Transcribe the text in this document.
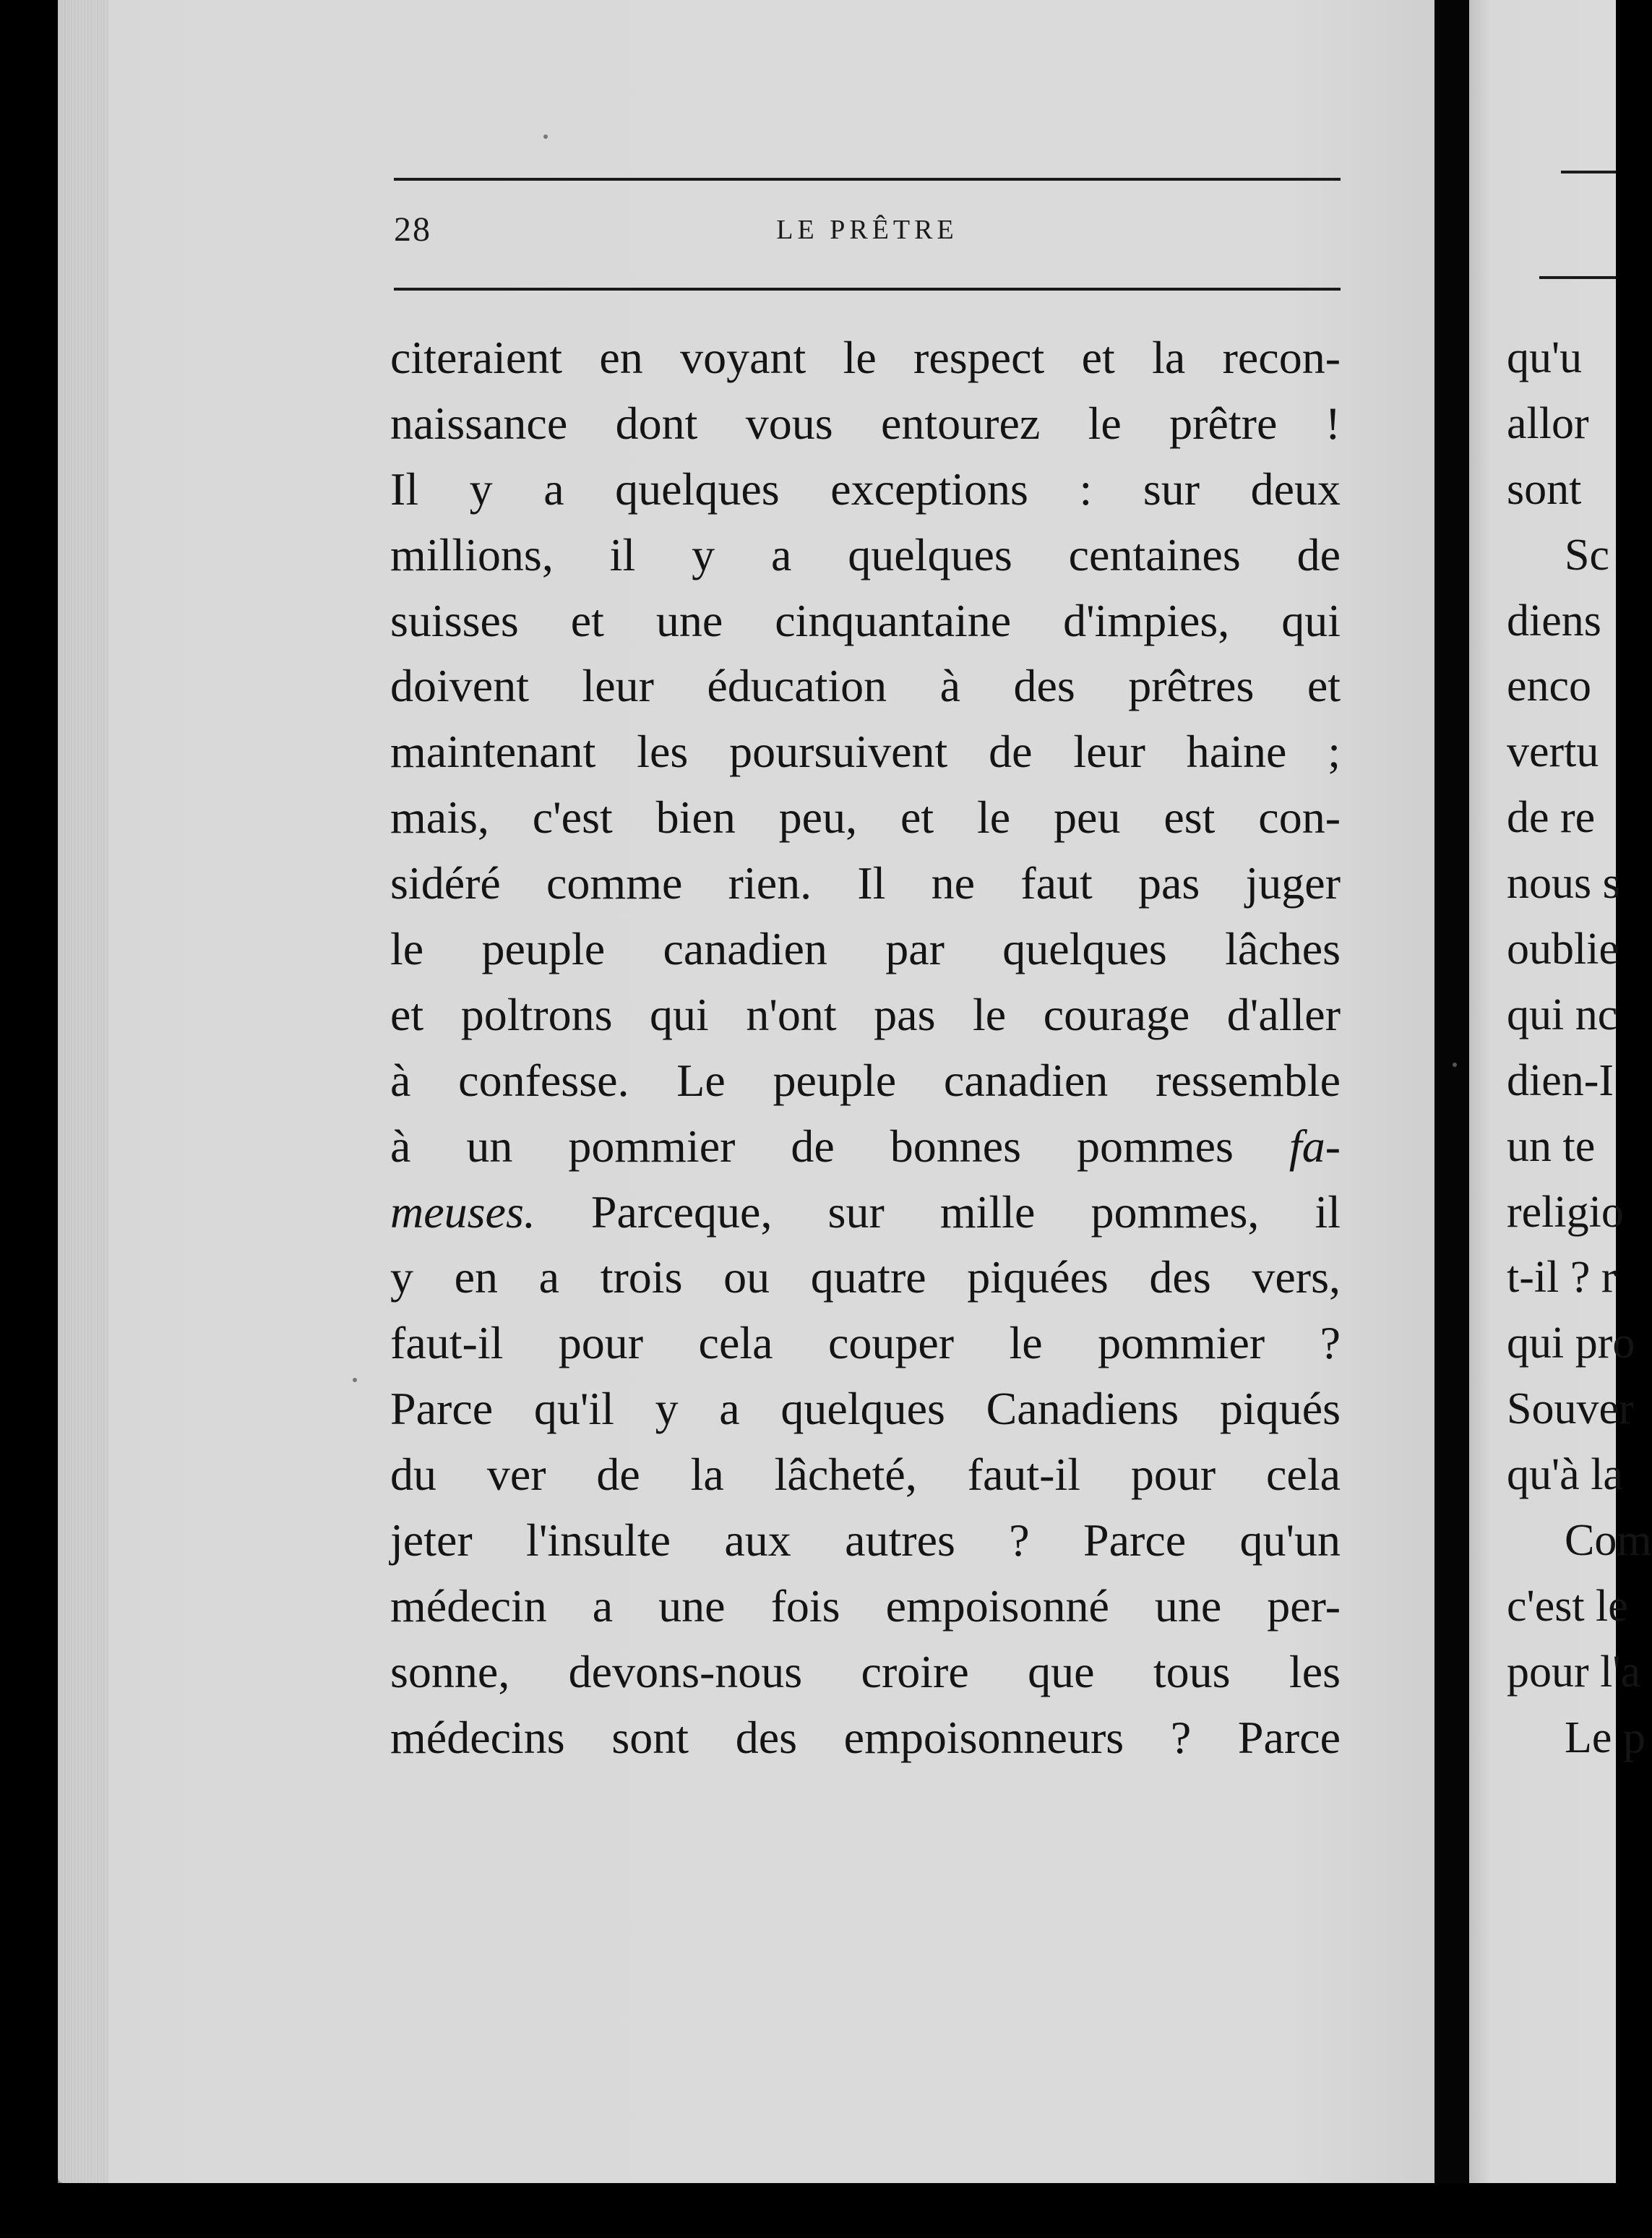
28	LE PRÊTRE
citeraient en voyant le respect et la recon-
naissance dont vous entourez le prêtre !
Il y a quelques exceptions : sur deux
millions, il y a quelques centaines de
suisses et une cinquantaine d'impies, qui
doivent leur éducation à des prêtres et
maintenant les poursuivent de leur haine ;
mais, c'est bien peu, et le peu est con-
sidéré comme rien. Il ne faut pas juger
le peuple canadien par quelques lâches
et poltrons qui n'ont pas le courage d'aller
à confesse. Le peuple canadien ressemble
à un pommier de bonnes pommes fa-
meuses. Parceque, sur mille pommes, il
y en a trois ou quatre piquées des vers,
faut-il pour cela couper le pommier ?
Parce qu'il y a quelques Canadiens piqués
du ver de la lâcheté, faut-il pour cela
jeter l'insulte aux autres ? Parce qu'un
médecin a une fois empoisonné une per-
sonne, devons-nous croire que tous les
médecins sont des empoisonneurs ? Parce
qu'u
allor
sont
Sc
diens
enco
vertu
de re
nous s
oublie
qui nc
dien-I
un te
religio
t-il ? r
qui pro
Souver
qu'à la
Com
c'est le
pour l'a
Le p
